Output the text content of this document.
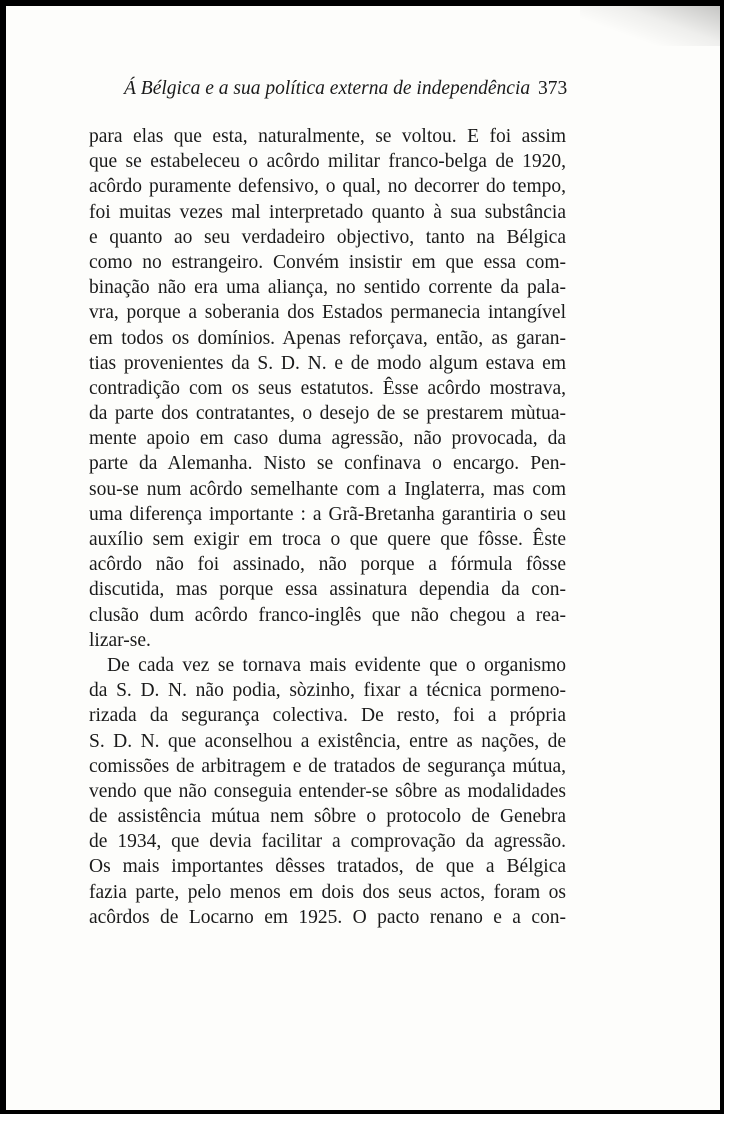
Á Bélgica e a sua política externa de independência 373
para elas que esta, naturalmente, se voltou. E foi assim
que se estabeleceu o acôrdo militar franco-belga de 1920,
acôrdo puramente defensivo, o qual, no decorrer do tempo,
foi muitas vezes mal interpretado quanto à sua substância
e quanto ao seu verdadeiro objectivo, tanto na Bélgica
como no estrangeiro. Convém insistir em que essa com-
binação não era uma aliança, no sentido corrente da pala-
vra, porque a soberania dos Estados permanecia intangível
em todos os domínios. Apenas reforçava, então, as garan-
tias provenientes da S. D. N. e de modo algum estava em
contradição com os seus estatutos. Êsse acôrdo mostrava,
da parte dos contratantes, o desejo de se prestarem mùtua-
mente apoio em caso duma agressão, não provocada, da
parte da Alemanha. Nisto se confinava o encargo. Pen-
sou-se num acôrdo semelhante com a Inglaterra, mas com
uma diferença importante : a Grã-Bretanha garantiria o seu
auxílio sem exigir em troca o que quere que fôsse. Êste
acôrdo não foi assinado, não porque a fórmula fôsse
discutida, mas porque essa assinatura dependia da con-
clusão dum acôrdo franco-inglês que não chegou a rea-
lizar-se.
De cada vez se tornava mais evidente que o organismo
da S. D. N. não podia, sòzinho, fixar a técnica pormeno-
rizada da segurança colectiva. De resto, foi a própria
S. D. N. que aconselhou a existência, entre as nações, de
comissões de arbitragem e de tratados de segurança mútua,
vendo que não conseguia entender-se sôbre as modalidades
de assistência mútua nem sôbre o protocolo de Genebra
de 1934, que devia facilitar a comprovação da agressão.
Os mais importantes dêsses tratados, de que a Bélgica
fazia parte, pelo menos em dois dos seus actos, foram os
acôrdos de Locarno em 1925. O pacto renano e a con-
